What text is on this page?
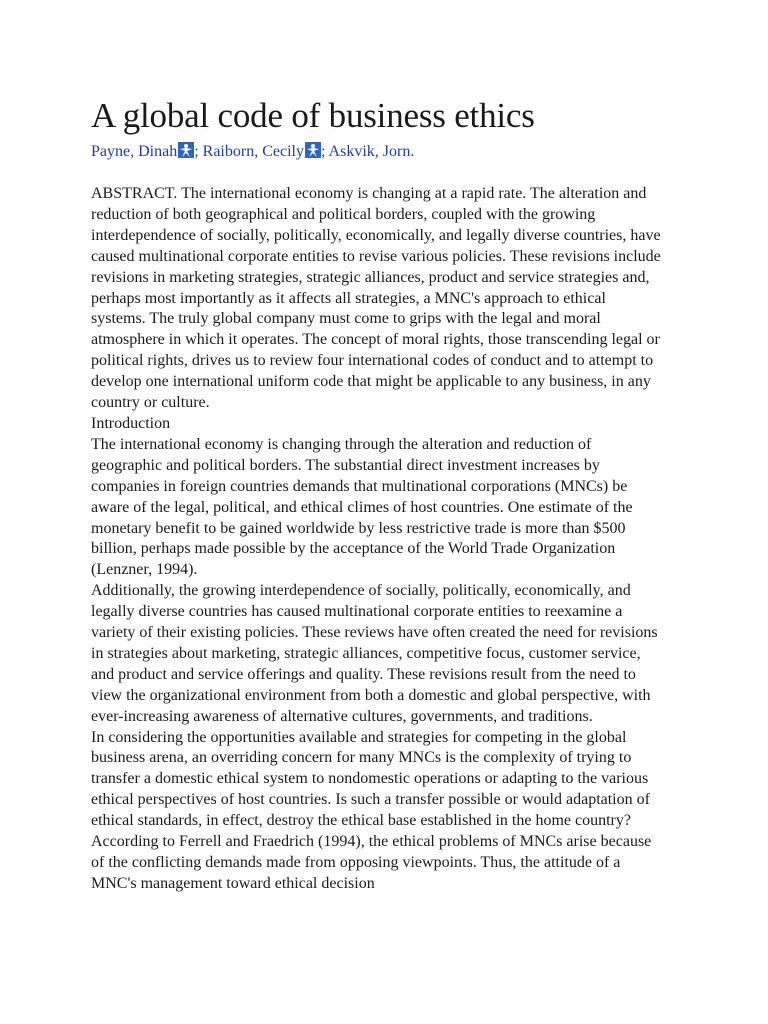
A global code of business ethics
Payne, Dinah ; Raiborn, Cecily ; Askvik, Jorn.

ABSTRACT. The international economy is changing at a rapid rate. The alteration and reduction of both geographical and political borders, coupled with the growing interdependence of socially, politically, economically, and legally diverse countries, have caused multinational corporate entities to revise various policies. These revisions include revisions in marketing strategies, strategic alliances, product and service strategies and, perhaps most importantly as it affects all strategies, a MNC's approach to ethical systems. The truly global company must come to grips with the legal and moral atmosphere in which it operates. The concept of moral rights, those transcending legal or political rights, drives us to review four international codes of conduct and to attempt to develop one international uniform code that might be applicable to any business, in any country or culture.

Introduction

The international economy is changing through the alteration and reduction of geographic and political borders. The substantial direct investment increases by companies in foreign countries demands that multinational corporations (MNCs) be aware of the legal, political, and ethical climes of host countries. One estimate of the monetary benefit to be gained worldwide by less restrictive trade is more than $500 billion, perhaps made possible by the acceptance of the World Trade Organization (Lenzner, 1994).

Additionally, the growing interdependence of socially, politically, economically, and legally diverse countries has caused multinational corporate entities to reexamine a variety of their existing policies. These reviews have often created the need for revisions in strategies about marketing, strategic alliances, competitive focus, customer service, and product and service offerings and quality. These revisions result from the need to view the organizational environment from both a domestic and global perspective, with ever-increasing awareness of alternative cultures, governments, and traditions.

In considering the opportunities available and strategies for competing in the global business arena, an overriding concern for many MNCs is the complexity of trying to transfer a domestic ethical system to nondomestic operations or adapting to the various ethical perspectives of host countries. Is such a transfer possible or would adaptation of ethical standards, in effect, destroy the ethical base established in the home country? According to Ferrell and Fraedrich (1994), the ethical problems of MNCs arise because of the conflicting demands made from opposing viewpoints. Thus, the attitude of a MNC's management toward ethical decision
